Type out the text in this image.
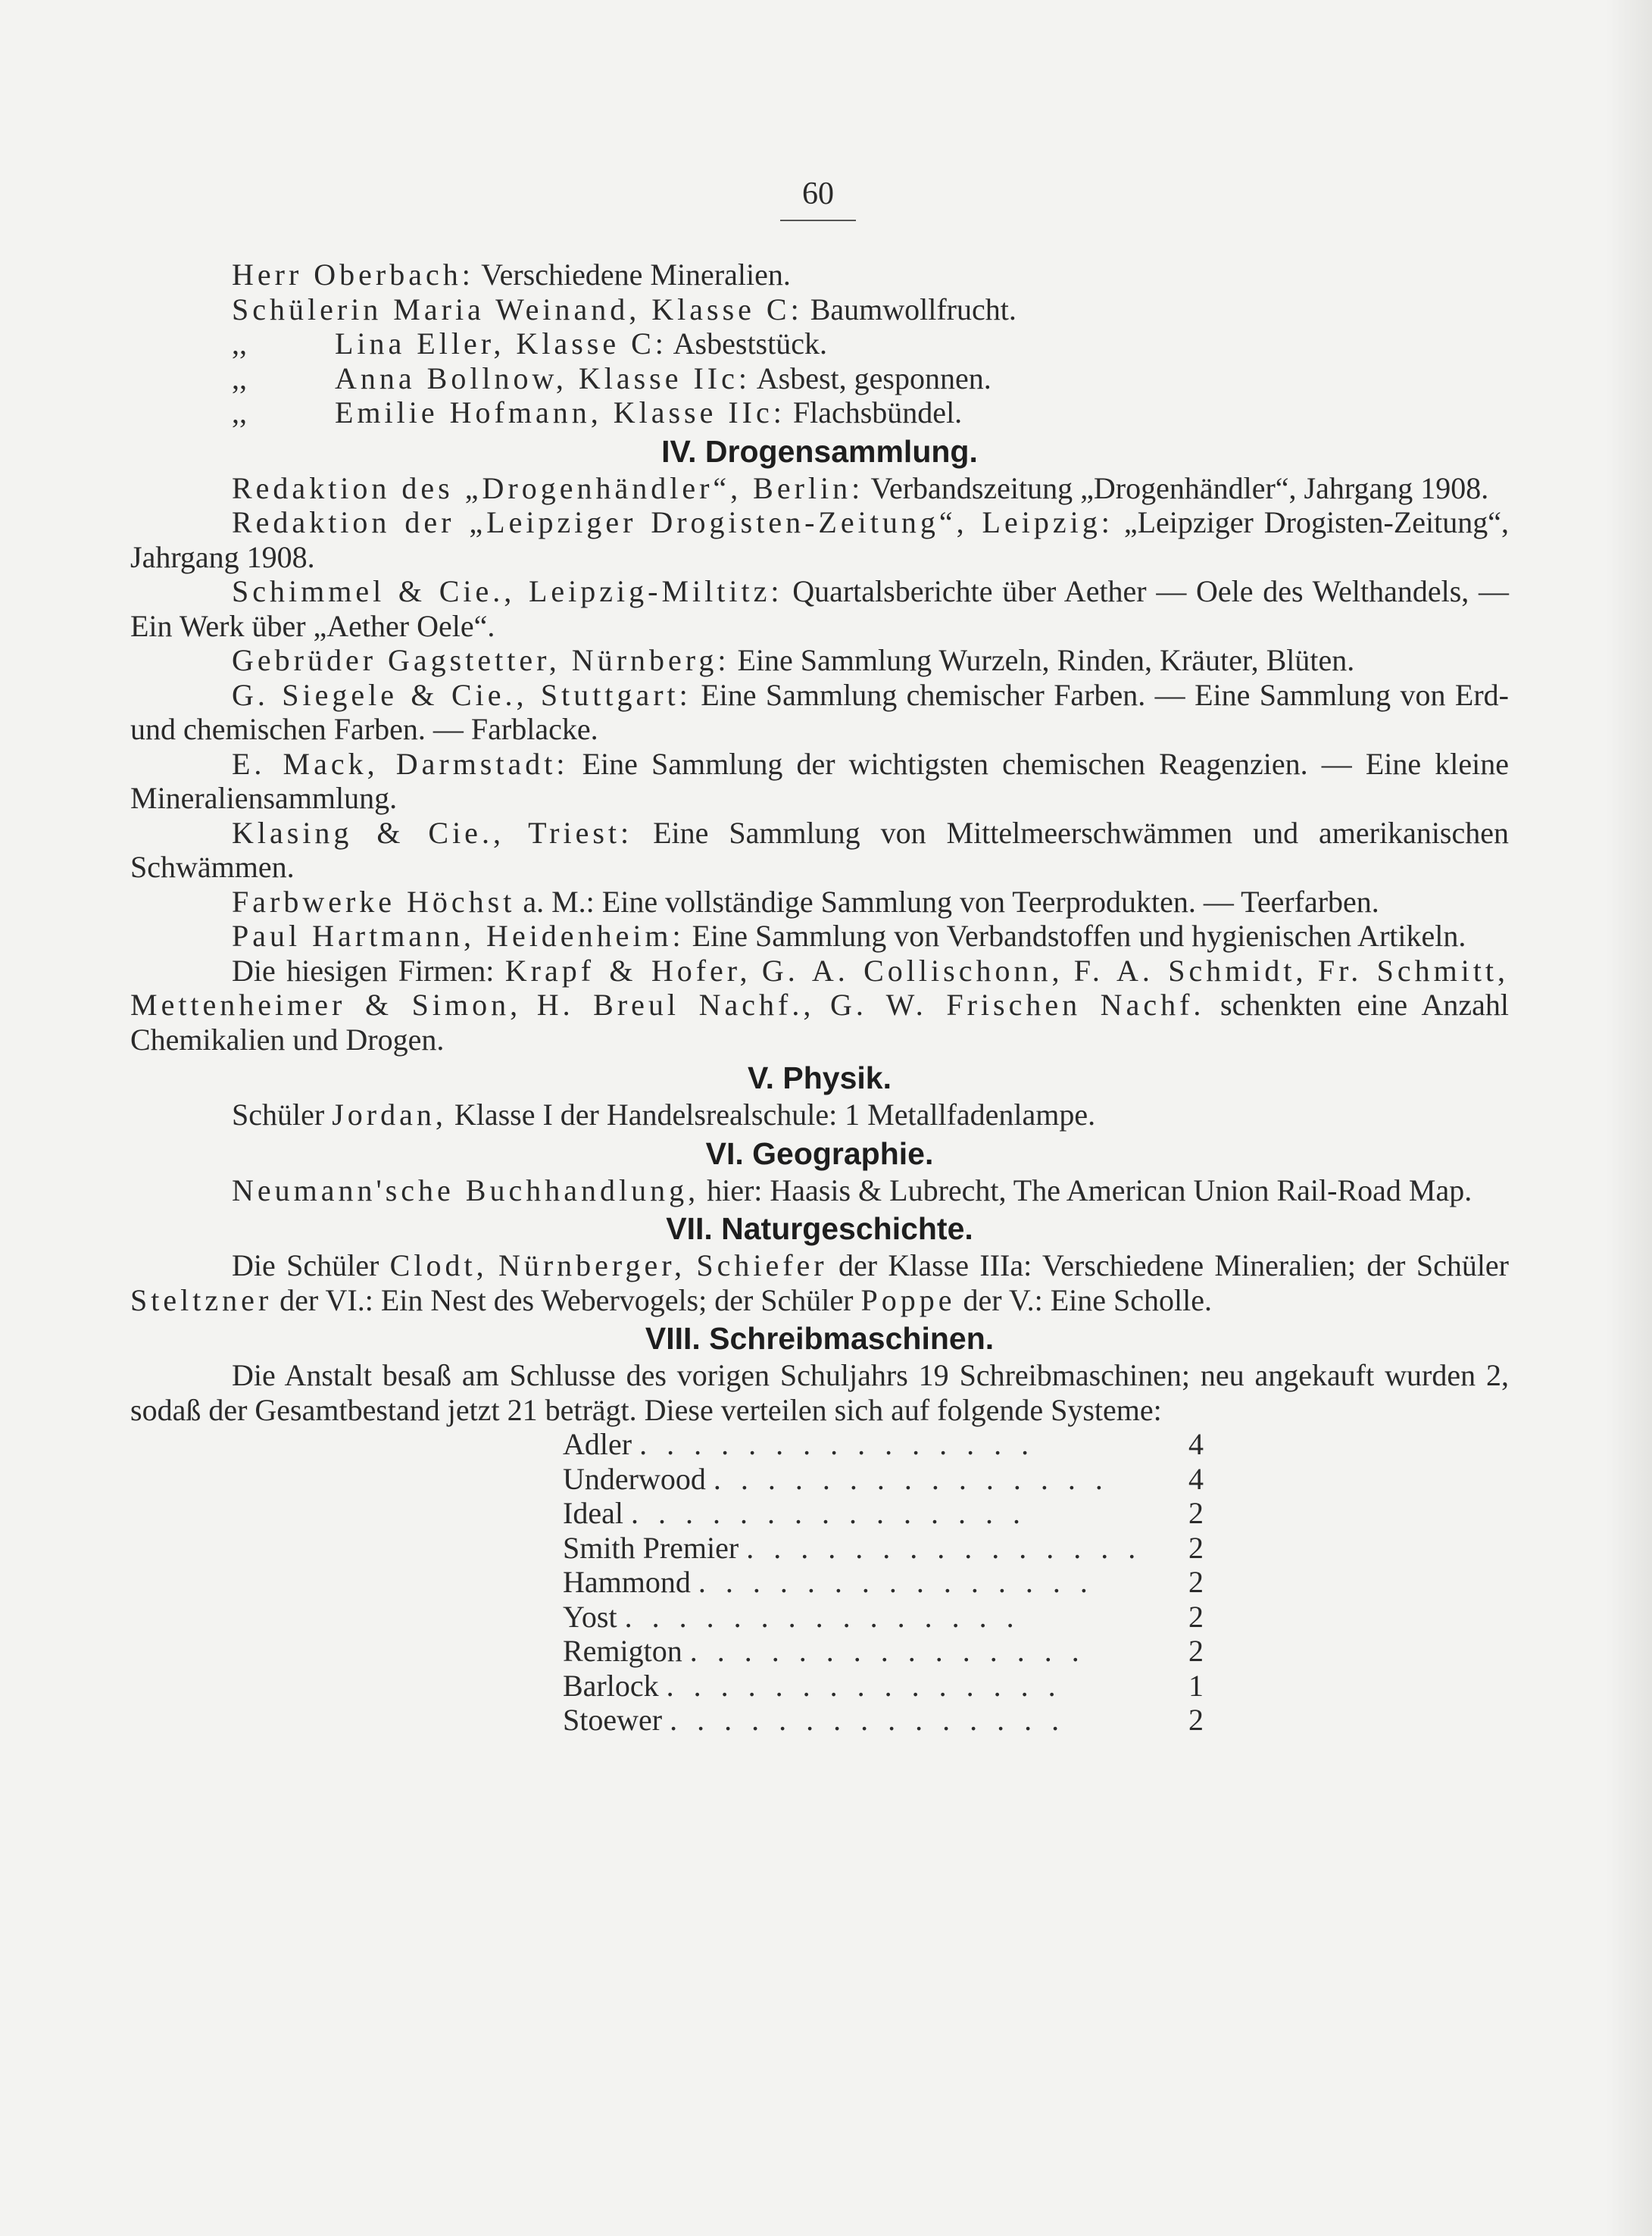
60

Herr Oberbach: Verschiedene Mineralien.

Schülerin Maria Weinand, Klasse C: Baumwollfrucht.

,,	Lina Eller, Klasse C: Asbeststück.

,,	Anna Bollnow, Klasse IIc: Asbest, gesponnen.

,,	Emilie Hofmann, Klasse IIc: Flachsbündel.

IV. Drogensammlung.

Redaktion des „Drogenhändler“, Berlin: Verbandszeitung „Drogenhändler“, Jahrgang 1908.

Redaktion der „Leipziger Drogisten-Zeitung“, Leipzig: „Leipziger Drogisten-Zeitung“, Jahrgang 1908.

Schimmel & Cie., Leipzig-Miltitz: Quartalsberichte über Aether — Oele des Welthandels, — Ein Werk über „Aether Oele“.

Gebrüder Gagstetter, Nürnberg: Eine Sammlung Wurzeln, Rinden, Kräuter, Blüten.

G. Siegele & Cie., Stuttgart: Eine Sammlung chemischer Farben. — Eine Sammlung von Erd- und chemischen Farben. — Farblacke.

E. Mack, Darmstadt: Eine Sammlung der wichtigsten chemischen Reagenzien. — Eine kleine Mineraliensammlung.

Klasing & Cie., Triest: Eine Sammlung von Mittelmeerschwämmen und amerikanischen Schwämmen.

Farbwerke Höchst a. M.: Eine vollständige Sammlung von Teerprodukten. — Teerfarben.

Paul Hartmann, Heidenheim: Eine Sammlung von Verbandstoffen und hygienischen Artikeln.

Die hiesigen Firmen: Krapf & Hofer, G. A. Collischonn, F. A. Schmidt, Fr. Schmitt, Mettenheimer & Simon, H. Breul Nachf., G. W. Frischen Nachf. schenkten eine Anzahl Chemikalien und Drogen.

V. Physik.

Schüler Jordan, Klasse I der Handelsrealschule: 1 Metallfadenlampe.

VI. Geographie.

Neumann'sche Buchhandlung, hier: Haasis & Lubrecht, The American Union Rail-Road Map.

VII. Naturgeschichte.

Die Schüler Clodt, Nürnberger, Schiefer der Klasse IIIa: Verschiedene Mineralien; der Schüler Steltzner der VI.: Ein Nest des Webervogels; der Schüler Poppe der V.: Eine Scholle.

VIII. Schreibmaschinen.

Die Anstalt besaß am Schlusse des vorigen Schuljahrs 19 Schreibmaschinen; neu angekauft wurden 2, sodaß der Gesamtbestand jetzt 21 beträgt. Diese verteilen sich auf folgende Systeme:

Adler . . . . . . . . . . . . . . .	4
Underwood . . . . . . . . . . . . . . .	4
Ideal . . . . . . . . . . . . . . .	2
Smith Premier . . . . . . . . . . . . . . .	2
Hammond . . . . . . . . . . . . . . .	2
Yost . . . . . . . . . . . . . . .	2
Remigton . . . . . . . . . . . . . . .	2
Barlock . . . . . . . . . . . . . . .	1
Stoewer . . . . . . . . . . . . . . .	2
